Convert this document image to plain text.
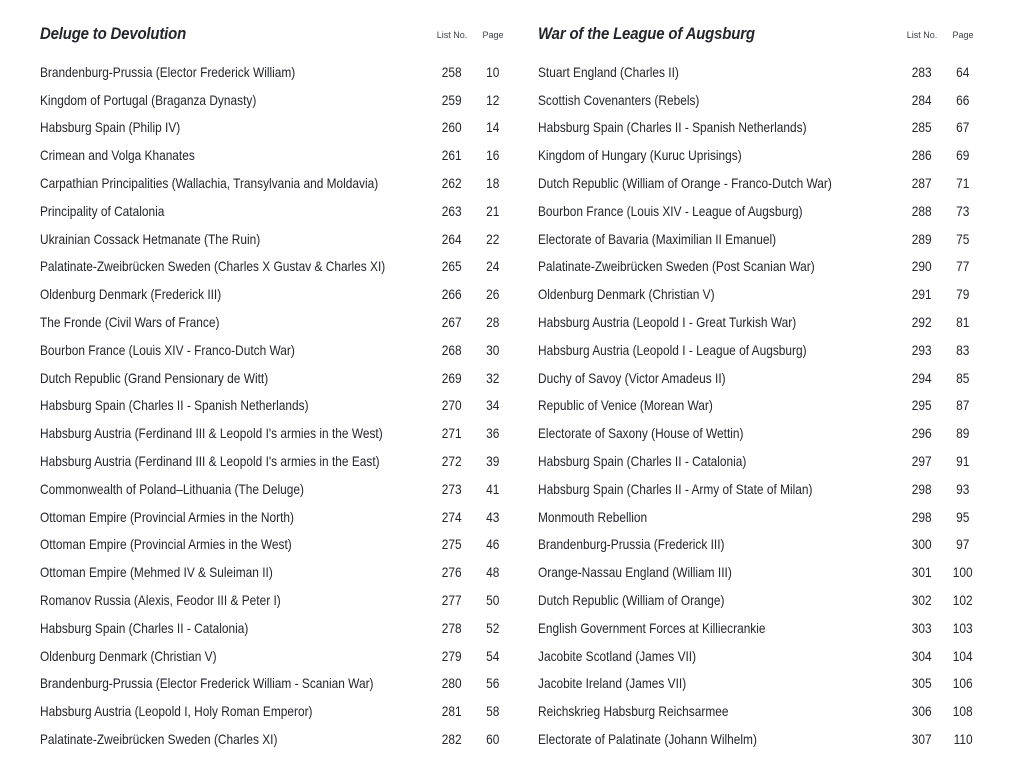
Deluge to Devolution	List No.	Page
Brandenburg-Prussia (Elector Frederick William)	258	10
Kingdom of Portugal (Braganza Dynasty)	259	12
Habsburg Spain (Philip IV)	260	14
Crimean and Volga Khanates	261	16
Carpathian Principalities (Wallachia, Transylvania and Moldavia)	262	18
Principality of Catalonia	263	21
Ukrainian Cossack Hetmanate (The Ruin)	264	22
Palatinate-Zweibrücken Sweden (Charles X Gustav & Charles XI)	265	24
Oldenburg Denmark (Frederick III)	266	26
The Fronde (Civil Wars of France)	267	28
Bourbon France (Louis XIV - Franco-Dutch War)	268	30
Dutch Republic (Grand Pensionary de Witt)	269	32
Habsburg Spain (Charles II - Spanish Netherlands)	270	34
Habsburg Austria (Ferdinand III & Leopold I's armies in the West)	271	36
Habsburg Austria (Ferdinand III & Leopold I's armies in the East)	272	39
Commonwealth of Poland–Lithuania (The Deluge)	273	41
Ottoman Empire (Provincial Armies in the North)	274	43
Ottoman Empire (Provincial Armies in the West)	275	46
Ottoman Empire (Mehmed IV & Suleiman II)	276	48
Romanov Russia (Alexis, Feodor III & Peter I)	277	50
Habsburg Spain (Charles II - Catalonia)	278	52
Oldenburg Denmark (Christian V)	279	54
Brandenburg-Prussia (Elector Frederick William - Scanian War)	280	56
Habsburg Austria (Leopold I, Holy Roman Emperor)	281	58
Palatinate-Zweibrücken Sweden (Charles XI)	282	60
War of the League of Augsburg	List No.	Page
Stuart England (Charles II)	283	64
Scottish Covenanters (Rebels)	284	66
Habsburg Spain (Charles II - Spanish Netherlands)	285	67
Kingdom of Hungary (Kuruc Uprisings)	286	69
Dutch Republic (William of Orange - Franco-Dutch War)	287	71
Bourbon France (Louis XIV - League of Augsburg)	288	73
Electorate of Bavaria (Maximilian II Emanuel)	289	75
Palatinate-Zweibrücken Sweden (Post Scanian War)	290	77
Oldenburg Denmark (Christian V)	291	79
Habsburg Austria (Leopold I - Great Turkish War)	292	81
Habsburg Austria (Leopold I - League of Augsburg)	293	83
Duchy of Savoy (Victor Amadeus II)	294	85
Republic of Venice (Morean War)	295	87
Electorate of Saxony (House of Wettin)	296	89
Habsburg Spain (Charles II - Catalonia)	297	91
Habsburg Spain (Charles II - Army of State of Milan)	298	93
Monmouth Rebellion	298	95
Brandenburg-Prussia (Frederick III)	300	97
Orange-Nassau England (William III)	301	100
Dutch Republic (William of Orange)	302	102
English Government Forces at Killiecrankie	303	103
Jacobite Scotland (James VII)	304	104
Jacobite Ireland (James VII)	305	106
Reichskrieg Habsburg Reichsarmee	306	108
Electorate of Palatinate (Johann Wilhelm)	307	110
